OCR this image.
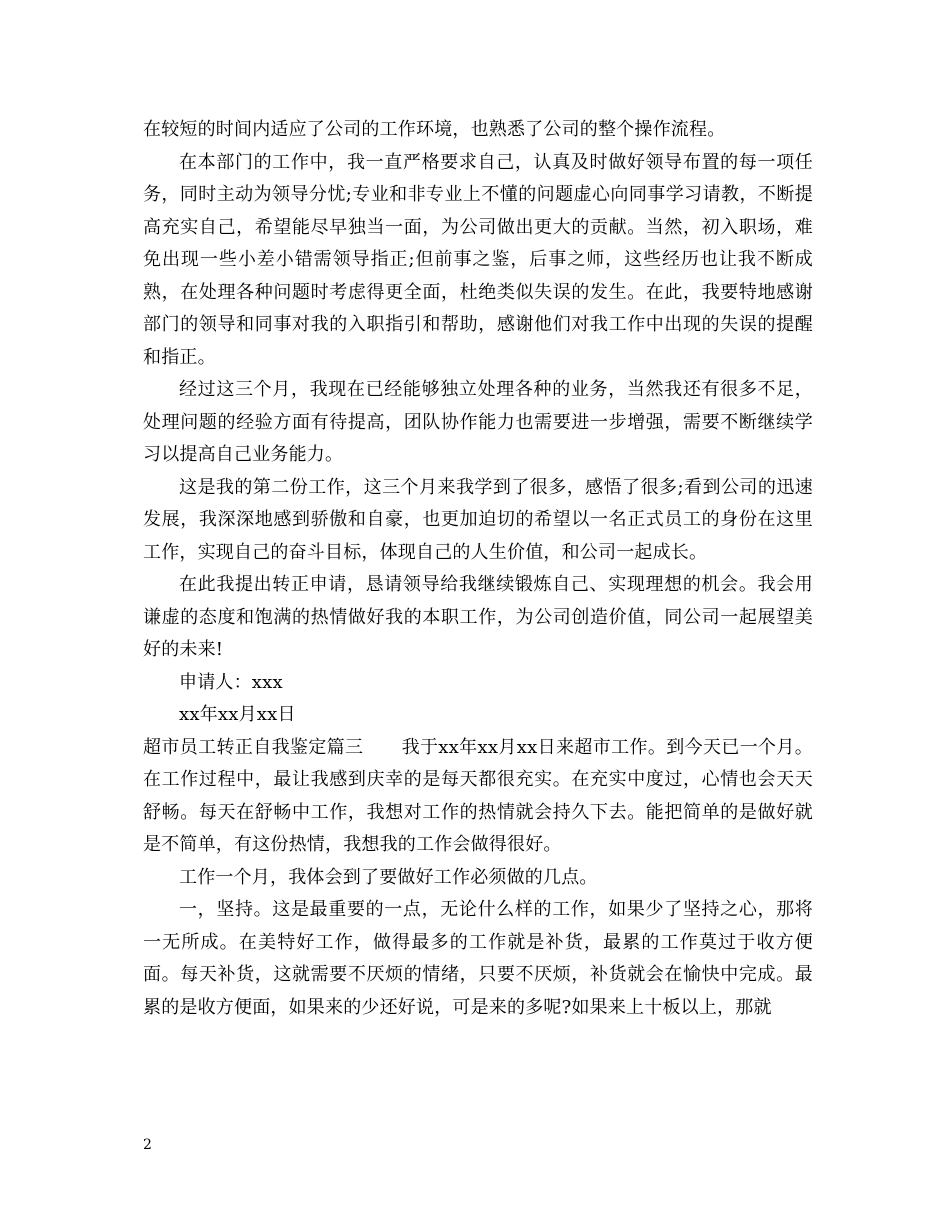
在较短的时间内适应了公司的工作环境，也熟悉了公司的整个操作流程。

在本部门的工作中，我一直严格要求自己，认真及时做好领导布置的每一项任务，同时主动为领导分忧;专业和非专业上不懂的问题虚心向同事学习请教，不断提高充实自己，希望能尽早独当一面，为公司做出更大的贡献。当然，初入职场，难免出现一些小差小错需领导指正;但前事之鉴，后事之师，这些经历也让我不断成熟，在处理各种问题时考虑得更全面，杜绝类似失误的发生。在此，我要特地感谢部门的领导和同事对我的入职指引和帮助，感谢他们对我工作中出现的失误的提醒和指正。

经过这三个月，我现在已经能够独立处理各种的业务，当然我还有很多不足，处理问题的经验方面有待提高，团队协作能力也需要进一步增强，需要不断继续学习以提高自己业务能力。

这是我的第二份工作，这三个月来我学到了很多，感悟了很多;看到公司的迅速发展，我深深地感到骄傲和自豪，也更加迫切的希望以一名正式员工的身份在这里工作，实现自己的奋斗目标，体现自己的人生价值，和公司一起成长。

在此我提出转正申请，恳请领导给我继续锻炼自己、实现理想的机会。我会用谦虚的态度和饱满的热情做好我的本职工作，为公司创造价值，同公司一起展望美好的未来!

申请人：xxx

xx年xx月xx日

超市员工转正自我鉴定篇三 我于xx年xx月xx日来超市工作。到今天已一个月。在工作过程中，最让我感到庆幸的是每天都很充实。在充实中度过，心情也会天天舒畅。每天在舒畅中工作，我想对工作的热情就会持久下去。能把简单的是做好就是不简单，有这份热情，我想我的工作会做得很好。

工作一个月，我体会到了要做好工作必须做的几点。

一，坚持。这是最重要的一点，无论什么样的工作，如果少了坚持之心，那将一无所成。在美特好工作，做得最多的工作就是补货，最累的工作莫过于收方便面。每天补货，这就需要不厌烦的情绪，只要不厌烦，补货就会在愉快中完成。最累的是收方便面，如果来的少还好说，可是来的多呢?如果来上十板以上，那就

2
